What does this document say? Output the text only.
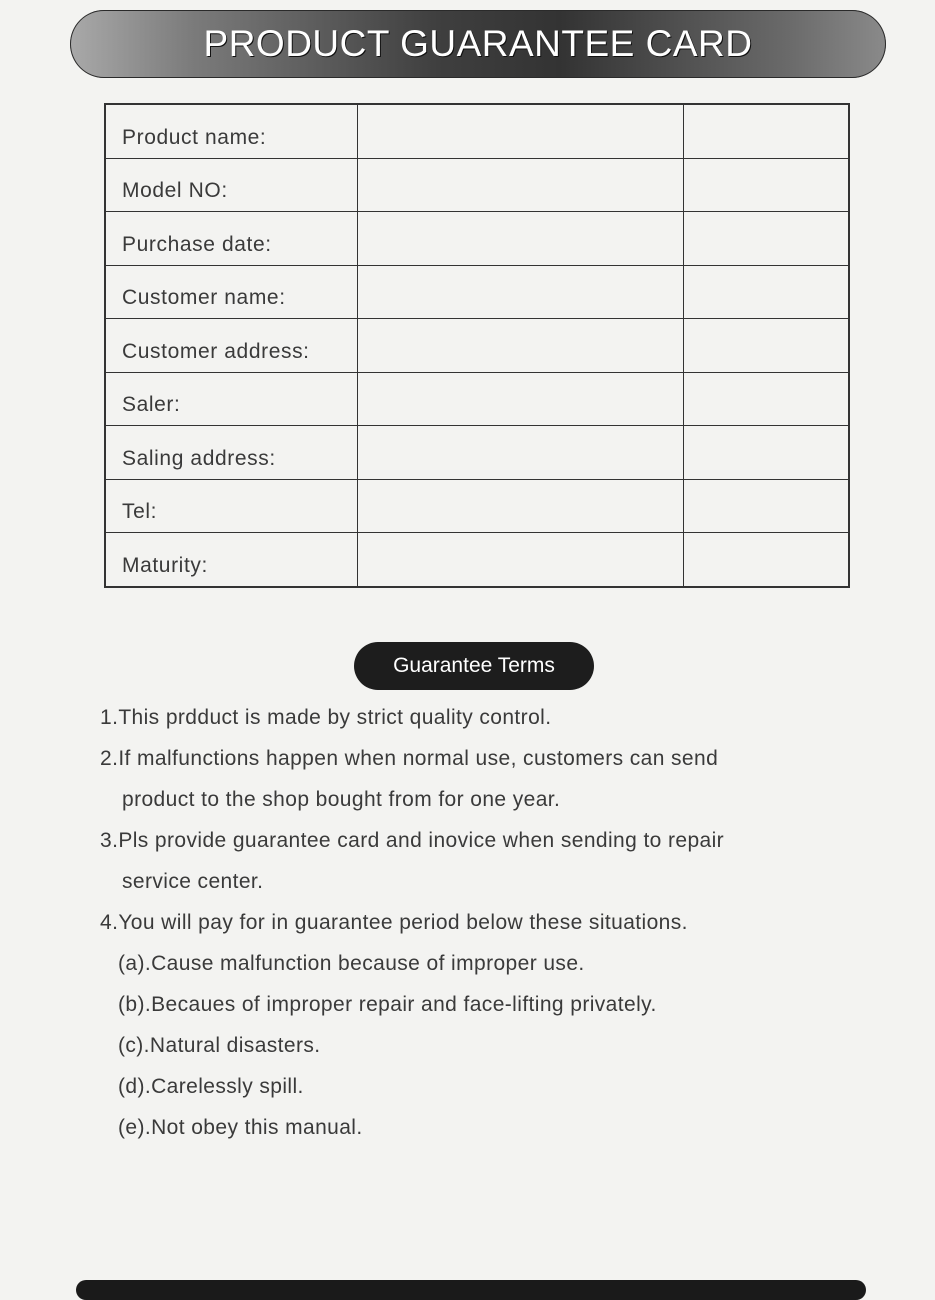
PRODUCT GUARANTEE CARD
Product name:		

Model NO:		

Purchase date:		

Customer name:		

Customer address:		

Saler:		

Saling address:		

Tel:		

Maturity:		

Guarantee Terms
1.This prdduct is made by strict quality control.
2.If malfunctions happen when normal use, customers can send
product to the shop bought from for one year.
3.Pls provide guarantee card and inovice when sending to repair
service center.
4.You will pay for in guarantee period below these situations.
(a).Cause malfunction because of improper use.
(b).Becaues of improper repair and face-lifting privately.
(c).Natural disasters.
(d).Carelessly spill.
(e).Not obey this manual.
